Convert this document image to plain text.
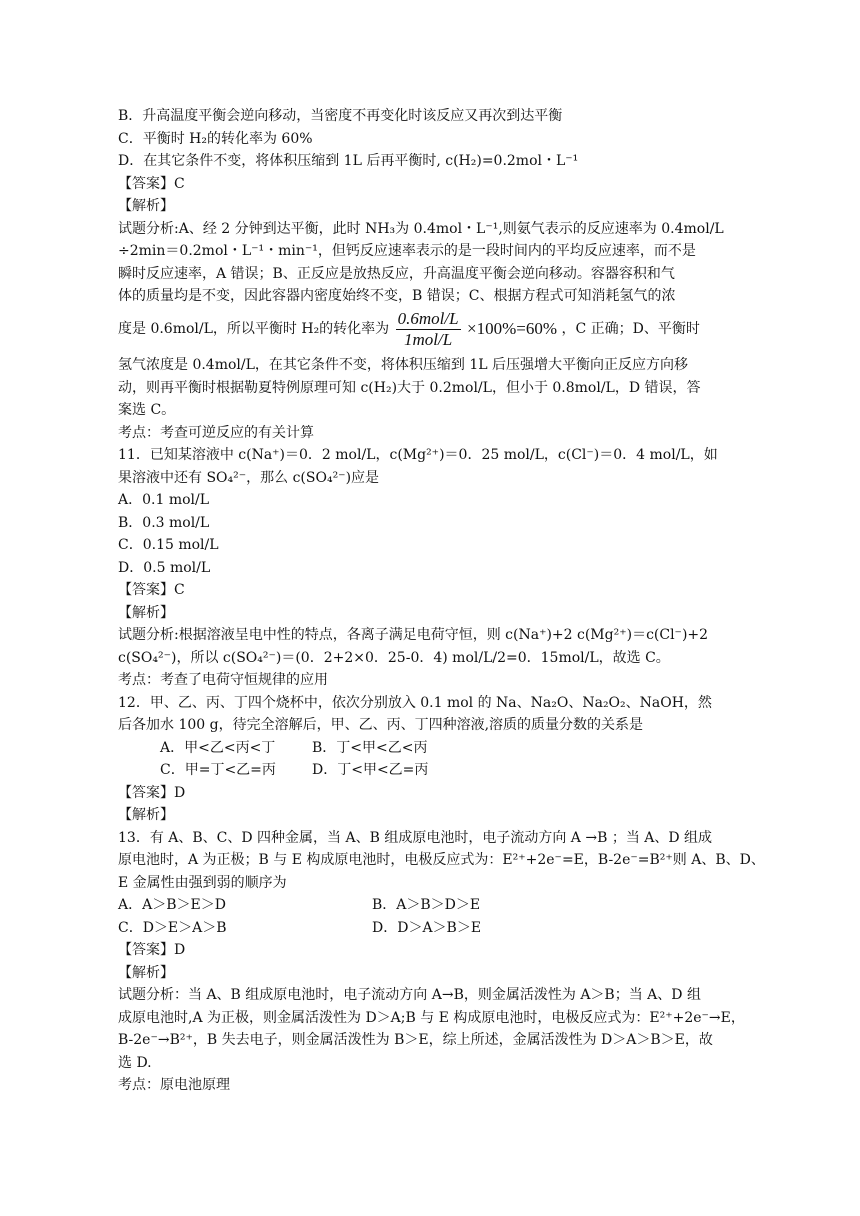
B．升高温度平衡会逆向移动，当密度不再变化时该反应又再次到达平衡
C．平衡时 H₂的转化率为 60%
D．在其它条件不变，将体积压缩到 1L 后再平衡时, c(H₂)=0.2mol・L⁻¹
【答案】C
【解析】
试题分析:A、经 2 分钟到达平衡，此时 NH₃为 0.4mol・L⁻¹,则氨气表示的反应速率为 0.4mol/L
÷2min＝0.2mol・L⁻¹・min⁻¹，但钙反应速率表示的是一段时间内的平均反应速率，而不是
瞬时反应速率，A 错误；B、正反应是放热反应，升高温度平衡会逆向移动。容器容积和气
体的质量均是不变，因此容器内密度始终不变，B 错误；C、根据方程式可知消耗氢气的浓
度是 0.6mol/L，所以平衡时 H₂的转化率为 $\frac{\text{0.6mol/L}}{\text{1mol/L}} \times 100\%=60\%$ ，C 正确；D、平衡时
氢气浓度是 0.4mol/L，在其它条件不变，将体积压缩到 1L 后压强增大平衡向正反应方向移
动，则再平衡时根据勒夏特例原理可知 c(H₂)大于 0.2mol/L，但小于 0.8mol/L，D 错误，答
案选 C。
考点：考查可逆反应的有关计算
11．已知某溶液中 c(Na⁺)＝0．2 mol/L，c(Mg²⁺)＝0．25 mol/L，c(Cl⁻)＝0．4 mol/L，如
果溶液中还有 SO₄²⁻，那么 c(SO₄²⁻)应是
A．0.1 mol/L
B．0.3 mol/L
C．0.15 mol/L
D．0.5 mol/L
【答案】C
【解析】
试题分析:根据溶液呈电中性的特点，各离子满足电荷守恒，则 c(Na⁺)+2 c(Mg²⁺)＝c(Cl⁻)+2
c(SO₄²⁻)，所以 c(SO₄²⁻)＝(0．2+2×0．25-0．4) mol/L/2=0．15mol/L，故选 C。
考点：考查了电荷守恒规律的应用
12．甲、乙、丙、丁四个烧杯中，依次分别放入 0.1 mol 的 Na、Na₂O、Na₂O₂、NaOH，然
后各加水 100 g，待完全溶解后，甲、乙、丙、丁四种溶液,溶质的质量分数的关系是
A．甲<乙<丙<丁	B．丁<甲<乙<丙
C．甲=丁<乙=丙	D．丁<甲<乙=丙
【答案】D
【解析】
13．有 A、B、C、D 四种金属，当 A、B 组成原电池时，电子流动方向 A →B ；当 A、D 组成
原电池时，A 为正极；B 与 E 构成原电池时，电极反应式为：E²⁺+2e⁻=E，B-2e⁻=B²⁺则 A、B、D、
E 金属性由强到弱的顺序为
A．A＞B＞E＞D	B．A＞B＞D＞E
C．D＞E＞A＞B	D．D＞A＞B＞E
【答案】D
【解析】
试题分析：当 A、B 组成原电池时，电子流动方向 A→B，则金属活泼性为 A＞B；当 A、D 组
成原电池时,A 为正极，则金属活泼性为 D＞A;B 与 E 构成原电池时，电极反应式为：E²⁺+2e⁻→E，
B-2e⁻→B²⁺，B 失去电子，则金属活泼性为 B＞E，综上所述，金属活泼性为 D＞A＞B＞E，故
选 D.
考点：原电池原理
